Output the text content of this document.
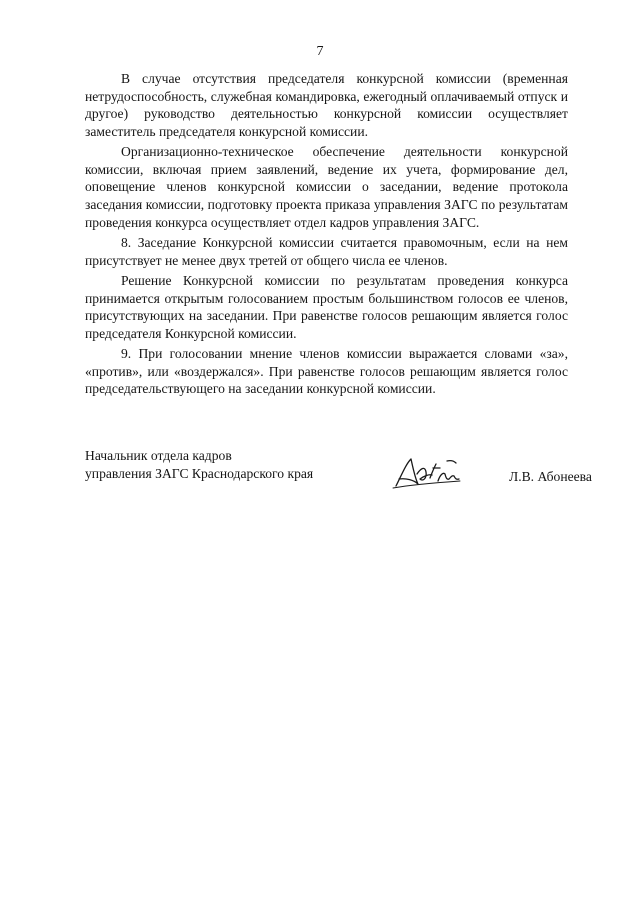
7

В случае отсутствия председателя конкурсной комиссии (временная нетрудоспособность, служебная командировка, ежегодный оплачиваемый отпуск и другое) руководство деятельностью конкурсной комиссии осуществляет заместитель председателя конкурсной комиссии.

Организационно-техническое обеспечение деятельности конкурсной комиссии, включая прием заявлений, ведение их учета, формирование дел, оповещение членов конкурсной комиссии о заседании, ведение протокола заседания комиссии, подготовку проекта приказа управления ЗАГС по результатам проведения конкурса осуществляет отдел кадров управления ЗАГС.

8. Заседание Конкурсной комиссии считается правомочным, если на нем присутствует не менее двух третей от общего числа ее членов.

Решение Конкурсной комиссии по результатам проведения конкурса принимается открытым голосованием простым большинством голосов ее членов, присутствующих на заседании. При равенстве голосов решающим является голос председателя Конкурсной комиссии.

9. При голосовании мнение членов комиссии выражается словами «за», «против», или «воздержался». При равенстве голосов решающим является голос председательствующего на заседании конкурсной комиссии.

Начальник отдела кадров
управления ЗАГС Краснодарского края	Л.В. Абонеева
